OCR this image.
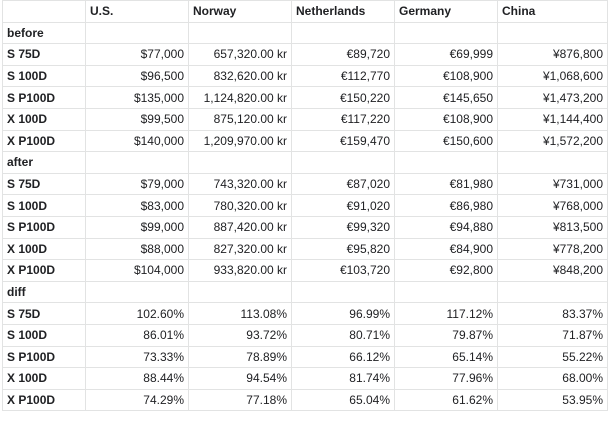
	U.S.	Norway	Netherlands	Germany	China
before					
S 75D	$77,000	657,320.00 kr	€89,720	€69,999	¥876,800
S 100D	$96,500	832,620.00 kr	€112,770	€108,900	¥1,068,600
S P100D	$135,000	1,124,820.00 kr	€150,220	€145,650	¥1,473,200
X 100D	$99,500	875,120.00 kr	€117,220	€108,900	¥1,144,400
X P100D	$140,000	1,209,970.00 kr	€159,470	€150,600	¥1,572,200
after					
S 75D	$79,000	743,320.00 kr	€87,020	€81,980	¥731,000
S 100D	$83,000	780,320.00 kr	€91,020	€86,980	¥768,000
S P100D	$99,000	887,420.00 kr	€99,320	€94,880	¥813,500
X 100D	$88,000	827,320.00 kr	€95,820	€84,900	¥778,200
X P100D	$104,000	933,820.00 kr	€103,720	€92,800	¥848,200
diff					
S 75D	102.60%	113.08%	96.99%	117.12%	83.37%
S 100D	86.01%	93.72%	80.71%	79.87%	71.87%
S P100D	73.33%	78.89%	66.12%	65.14%	55.22%
X 100D	88.44%	94.54%	81.74%	77.96%	68.00%
X P100D	74.29%	77.18%	65.04%	61.62%	53.95%
